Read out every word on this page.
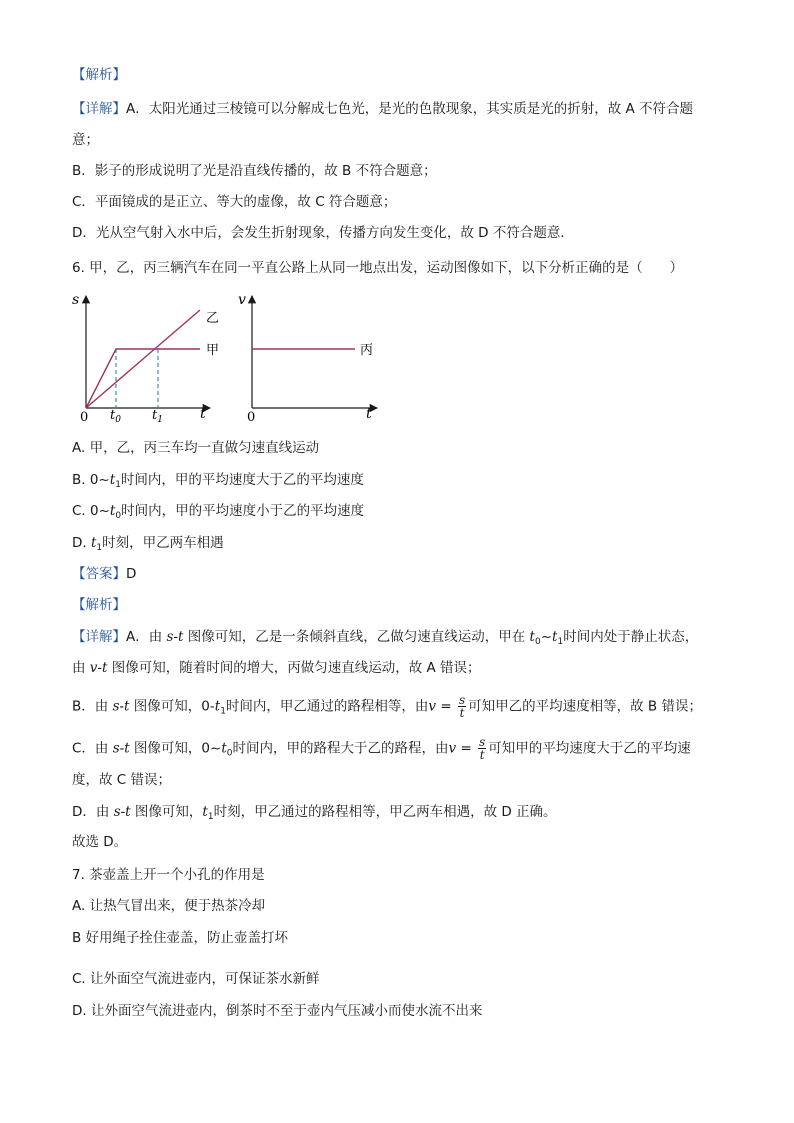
【解析】
【详解】A．太阳光通过三棱镜可以分解成七色光，是光的色散现象，其实质是光的折射，故 A 不符合题
意；
B．影子的形成说明了光是沿直线传播的，故 B 不符合题意；
C．平面镜成的是正立、等大的虚像，故 C 符合题意；
D．光从空气射入水中后，会发生折射现象，传播方向发生变化，故 D 不符合题意．
6. 甲，乙，丙三辆汽车在同一平直公路上从同一地点出发，运动图像如下，以下分析正确的是（　　）
s
t
0 $t_0$ $t_1$
乙
甲
v
t
0
丙
A. 甲，乙，丙三车均一直做匀速直线运动
B. $0\sim t_1$时间内，甲的平均速度大于乙的平均速度
C. $0\sim t_0$时间内，甲的平均速度小于乙的平均速度
D. $t_1$时刻，甲乙两车相遇
【答案】D
【解析】
【详解】A．由 s-t 图像可知，乙是一条倾斜直线，乙做匀速直线运动，甲在 $t_0\sim t_1$时间内处于静止状态，
由 v-t 图像可知，随着时间的增大，丙做匀速直线运动，故 A 错误；
B．由 s-t 图像可知，$0-t_1$时间内，甲乙通过的路程相等，由$v = \frac{s}{t}$ 可知甲乙的平均速度相等，故 B 错误；
C．由 s-t 图像可知，$0\sim t_0$时间内，甲的路程大于乙的路程，由$v = \frac{s}{t}$ 可知甲的平均速度大于乙的平均速
度，故 C 错误；
D．由 s-t 图像可知，$t_1$时刻，甲乙通过的路程相等，甲乙两车相遇，故 D 正确。
故选 D。
7. 茶壶盖上开一个小孔的作用是
A. 让热气冒出来，便于热茶冷却
B 好用绳子拴住壶盖，防止壶盖打坏
C. 让外面空气流进壶内，可保证茶水新鲜
D. 让外面空气流进壶内，倒茶时不至于壶内气压减小而使水流不出来
